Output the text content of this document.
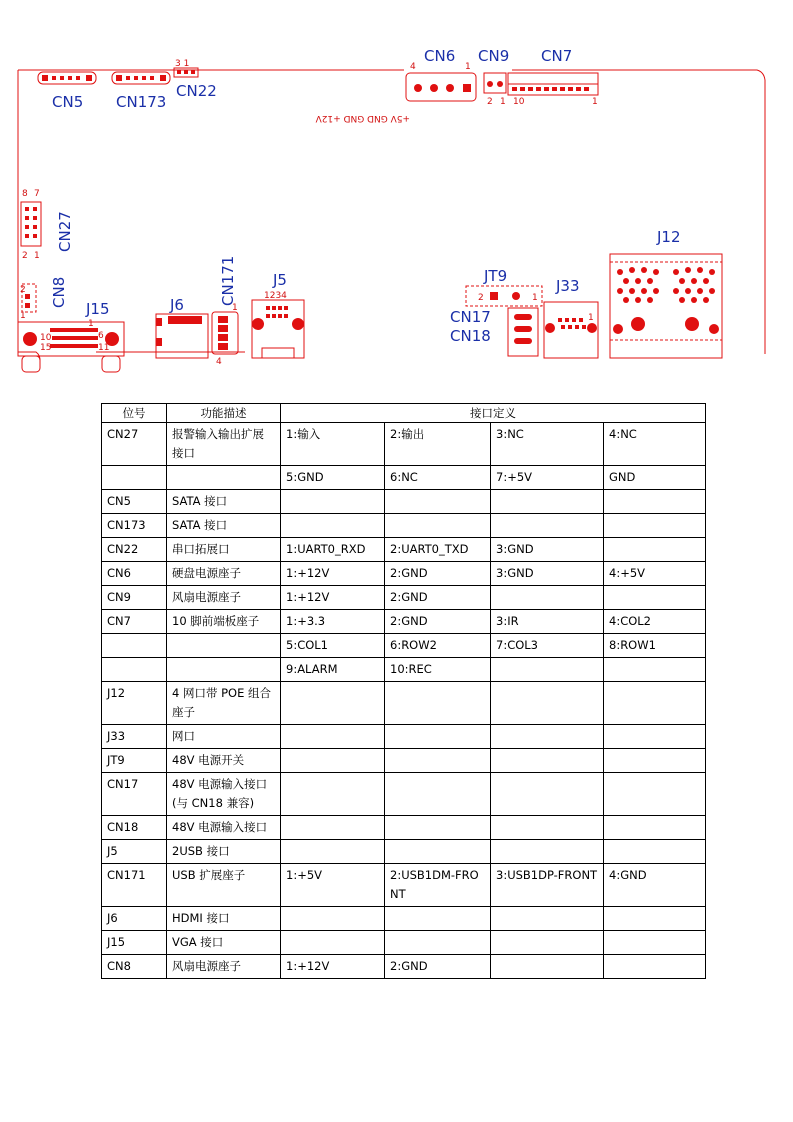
CN5 CN173
3 1
CN22
CN6
4	1
+5V GND GND +12V
CN9
2 1
CN7
10	1
8 7
2 1
CN27
2
1
CN8
J15
1
10	6
15	11
J6 CN171
4
1
J5
1234
JT9
2	1
CN17
CN18
J33
1
J12
位号	功能描述	接口定义			
CN27	报警输入输出扩展接口	1:输入	2:输出	3:NC	4:NC
		5:GND	6:NC	7:+5V	GND
CN5	SATA 接口				
CN173	SATA 接口				
CN22	串口拓展口	1:UART0_RXD	2:UART0_TXD	3:GND	
CN6	硬盘电源座子	1:+12V	2:GND	3:GND	4:+5V
CN9	风扇电源座子	1:+12V	2:GND		
CN7	10 脚前端板座子	1:+3.3	2:GND	3:IR	4:COL2
		5:COL1	6:ROW2	7:COL3	8:ROW1
		9:ALARM	10:REC		
J12	4 网口带 POE 组合座子				
J33	网口				
JT9	48V 电源开关				
CN17	48V 电源输入接口(与 CN18 兼容)				
CN18	48V 电源输入接口				
J5	2USB 接口				
CN171	USB 扩展座子	1:+5V	2:USB1DM-FRONT	3:USB1DP-FRONT	4:GND
J6	HDMI 接口				
J15	VGA 接口				
CN8	风扇电源座子	1:+12V	2:GND		
